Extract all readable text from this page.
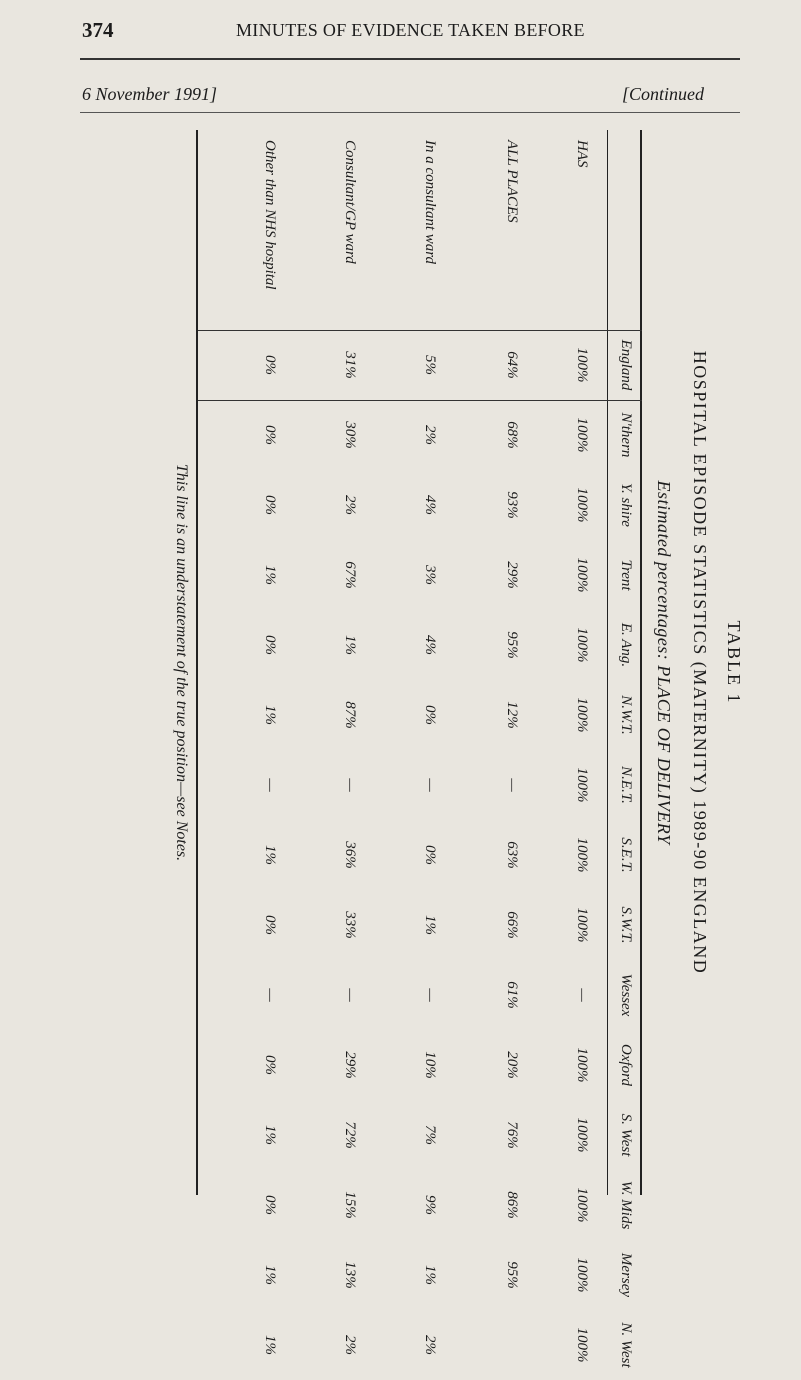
374	MINUTES OF EVIDENCE TAKEN BEFORE
6 November 1991]	[Continued
TABLE 1
HOSPITAL EPISODE STATISTICS (MATERNITY) 1989-90 ENGLAND
Estimated percentages: PLACE OF DELIVERY
England
N'thern
Y. shire
Trent
E. Ang.
N.W.T.
N.E.T.
S.E.T.
S.W.T.
Wessex
Oxford
S. West
W. Mids
Mersey
N. West
HAS
100%
100%
100%
100%
100%
100%
100%
100%
100%
—
100%
100%
100%
100%
100%
ALL PLACES
64%
68%
93%
29%
95%
12%
—
63%
66%
61%
20%
76%
86%
95%
In a consultant ward
5%
2%
4%
3%
4%
0%
—
0%
1%
—
10%
7%
9%
1%
2%
Consultant/GP ward
31%
30%
2%
67%
1%
87%
—
36%
33%
—
29%
72%
15%
13%
2%
Other than NHS hospital
0%
0%
0%
1%
0%
1%
—
1%
0%
—
0%
1%
0%
1%
1%
This line is an understatement of the true position—see Notes.
